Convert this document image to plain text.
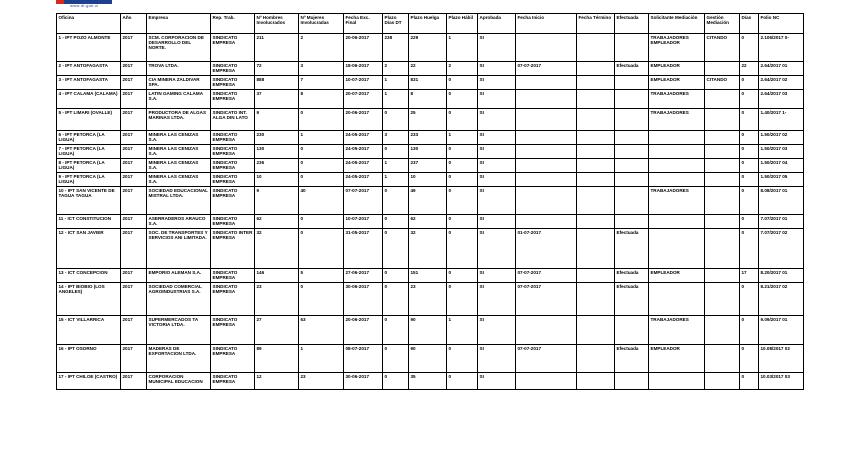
www.dt.gob.cl
Oficina	Año	Empresa	Rep. Trab.	Nº Hombres Involucrados	Nº Mujeres Involucradas	Fecha Exc. Final	Plazo Días DT	Plazo Huelga	Plazo Hábil	Aprobada	Fecha Inicio	Fecha Término	Efectuada	Solicitante Mediación	Gestión Mediación	Días	Folio NC
1 - IPT POZO ALMONTE	2017	SCM. CORPORACION DE DESARROLLO DEL NORTE.	SINDICATO EMPRESA	211	2	20-06-2017	238	229	1	SI				TRABAJADORES EMPLEADOR	CITANDO	0	2.106/2017 0-
2 - IPT ANTOFAGASTA	2017	TROVA LTDA.	SINDICATO EMPRESA	72	3	18-06-2017	2	22	2	SI	07-07-2017		Efectuada	EMPLEADOR		22	2.64/2017 01
3 - IPT ANTOFAGASTA	2017	CIA MINERA ZALDIVAR SPA.	SINDICATO EMPRESA	888	7	10-07-2017	1	831	0	SI				EMPLEADOR	CITANDO	0	2.64/2017 02
4 - IPT CALAMA (CALAMA)	2017	LATIN GAMING CALAMA S.A.	SINDICATO EMPRESA	37	8	20-07-2017	1	8	0	SI				TRABAJADORES		0	2.64/2017 03
5 - IPT LIMARI (OVALLE)	2017	PRODUCTORA DE ALGAS MARINAS LTDA.	SINDICATO INT. ALGA DIN LATO	9	0	20-06-2017	0	25	0	SI				TRABAJADORES		0	1.40/2017 1-
6 - IPT PETORCA (LA LIGUA)	2017	MINERA LAS CENIZAS S.A.	SINDICATO EMPRESA	230	1	24-05-2017	3	233	1	SI						0	1.50/2017 02
7 - IPT PETORCA (LA LIGUA)	2017	MINERA LAS CENIZAS S.A.	SINDICATO EMPRESA	130	0	24-05-2017	0	130	0	SI						0	1.50/2017 03
8 - IPT PETORCA (LA LIGUA)	2017	MINERA LAS CENIZAS S.A.	SINDICATO EMPRESA	236	0	24-05-2017	1	237	0	SI						0	1.50/2017 04
9 - IPT PETORCA (LA LIGUA)	2017	MINERA LAS CENIZAS S.A.	SINDICATO EMPRESA	10	0	24-05-2017	1	10	0	SI						0	1.50/2017 05
10 - IPT SAN VICENTE DE TAGUA TAGUA	2017	SOCIEDAD EDUCACIONAL MISTRAL LTDA.	SINDICATO EMPRESA	9	40	07-07-2017	0	49	0	SI				TRABAJADORES		0	8.08/2017 01
11 - ICT CONSTITUCION	2017	ASERRADEROS ARAUCO S.A.	SINDICATO EMPRESA	62	0	10-07-2017	0	62	0	SI						0	7.07/2017 01
12 - ICT SAN JAVIER	2017	SOC. DE TRANSPORTES Y SERVICIOS ANI LIMITADA.	SINDICATO INTER EMPRESA	32	0	31-05-2017	0	32	0	SI	01-07-2017		Efectuada			0	7.07/2017 02
13 - ICT CONCEPCION	2017	EMPORIO ALEMAN S.A.	SINDICATO EMPRESA	146	5	27-06-2017	0	151	0	SI	07-07-2017		Efectuada	EMPLEADOR		17	8.20/2017 01
14 - IPT BIOBIO (LOS ANGELES)	2017	SOCIEDAD COMERCIAL AGROINDUSTRIAS S.A.	SINDICATO EMPRESA	23	0	30-06-2017	0	23	0	SI	07-07-2017		Efectuada			0	8.21/2017 02
15 - ICT VILLARRICA	2017	SUPERMERCADOS TA VICTORIA LTDA.	SINDICATO EMPRESA	27	63	20-06-2017	0	90	1	SI				TRABAJADORES		0	9.09/2017 01
16 - IPT OSORNO	2017	MADERAS DE EXPORTACION LTDA.	SINDICATO EMPRESA	89	1	08-07-2017	0	90	0	SI	07-07-2017		Efectuada	EMPLEADOR		0	10.08/2017 02
17 - IPT CHILOE (CASTRO)	2017	CORPORACION MUNICIPAL EDUCACION	SINDICATO EMPRESA	12	23	30-06-2017	0	35	0	SI						0	10.03/2017 03
